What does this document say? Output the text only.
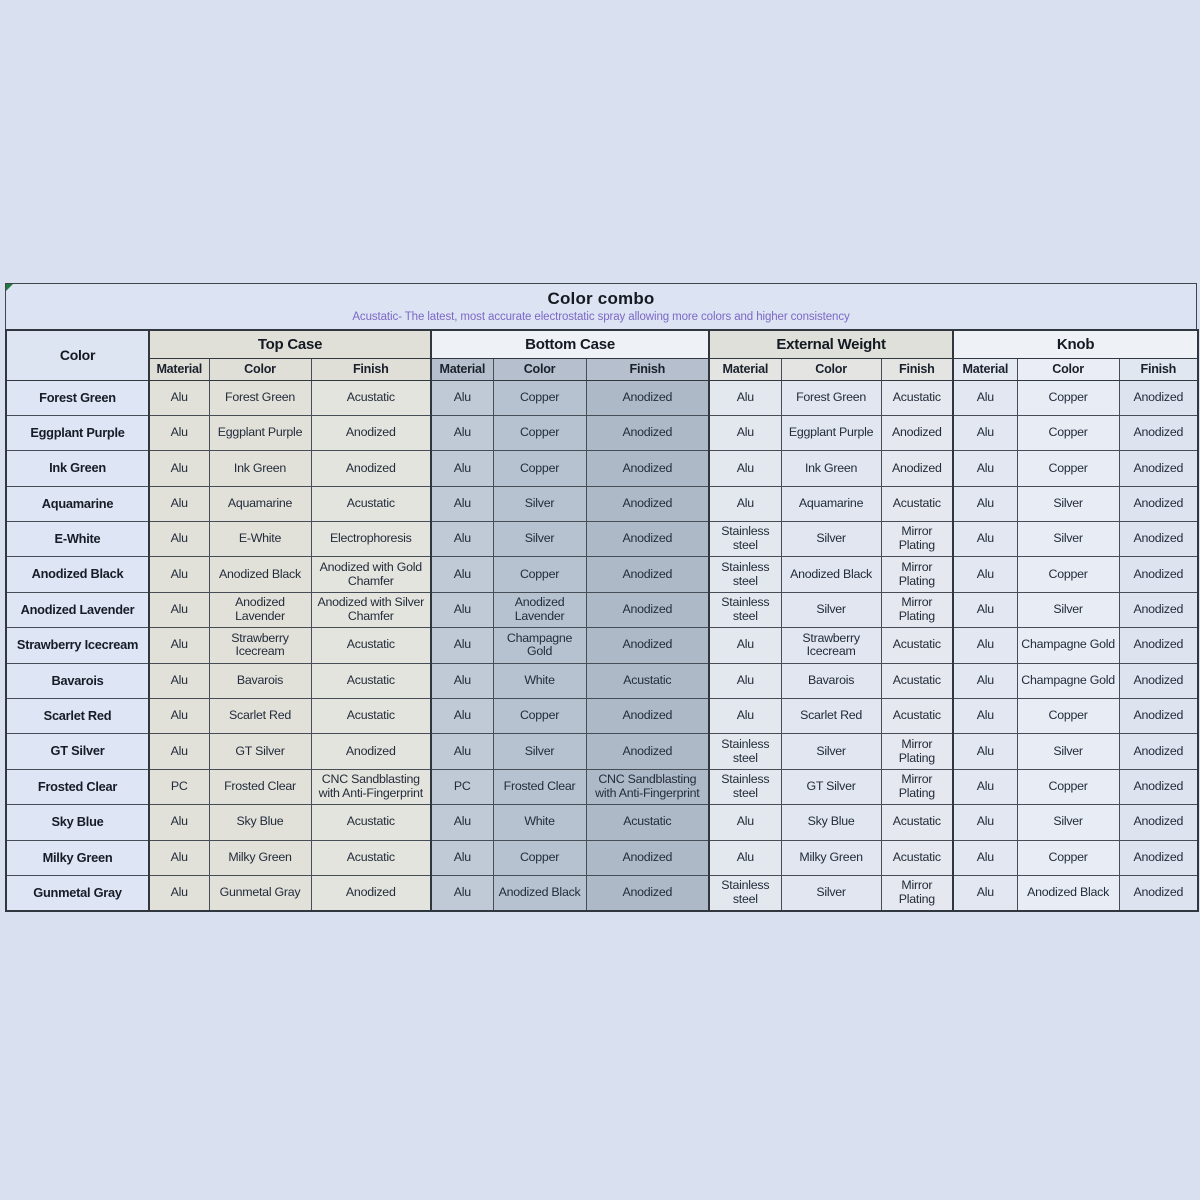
Color combo
Acustatic- The latest, most accurate electrostatic spray allowing more colors and higher consistency
Color	Top Case			Bottom Case			External Weight			Knob		
	Material	Color	Finish	Material	Color	Finish	Material	Color	Finish	Material	Color	Finish
Forest Green	Alu	Forest Green	Acustatic	Alu	Copper	Anodized	Alu	Forest Green	Acustatic	Alu	Copper	Anodized
Eggplant Purple	Alu	Eggplant Purple	Anodized	Alu	Copper	Anodized	Alu	Eggplant Purple	Anodized	Alu	Copper	Anodized
Ink Green	Alu	Ink Green	Anodized	Alu	Copper	Anodized	Alu	Ink Green	Anodized	Alu	Copper	Anodized
Aquamarine	Alu	Aquamarine	Acustatic	Alu	Silver	Anodized	Alu	Aquamarine	Acustatic	Alu	Silver	Anodized
E-White	Alu	E-White	Electrophoresis	Alu	Silver	Anodized	Stainless steel	Silver	Mirror Plating	Alu	Silver	Anodized
Anodized Black	Alu	Anodized Black	Anodized with Gold Chamfer	Alu	Copper	Anodized	Stainless steel	Anodized Black	Mirror Plating	Alu	Copper	Anodized
Anodized Lavender	Alu	Anodized Lavender	Anodized with Silver Chamfer	Alu	Anodized Lavender	Anodized	Stainless steel	Silver	Mirror Plating	Alu	Silver	Anodized
Strawberry Icecream	Alu	Strawberry Icecream	Acustatic	Alu	Champagne Gold	Anodized	Alu	Strawberry Icecream	Acustatic	Alu	Champagne Gold	Anodized
Bavarois	Alu	Bavarois	Acustatic	Alu	White	Acustatic	Alu	Bavarois	Acustatic	Alu	Champagne Gold	Anodized
Scarlet Red	Alu	Scarlet Red	Acustatic	Alu	Copper	Anodized	Alu	Scarlet Red	Acustatic	Alu	Copper	Anodized
GT Silver	Alu	GT Silver	Anodized	Alu	Silver	Anodized	Stainless steel	Silver	Mirror Plating	Alu	Silver	Anodized
Frosted Clear	PC	Frosted Clear	CNC Sandblasting with Anti-Fingerprint	PC	Frosted Clear	CNC Sandblasting with Anti-Fingerprint	Stainless steel	GT Silver	Mirror Plating	Alu	Copper	Anodized
Sky Blue	Alu	Sky Blue	Acustatic	Alu	White	Acustatic	Alu	Sky Blue	Acustatic	Alu	Silver	Anodized
Milky Green	Alu	Milky Green	Acustatic	Alu	Copper	Anodized	Alu	Milky Green	Acustatic	Alu	Copper	Anodized
Gunmetal Gray	Alu	Gunmetal Gray	Anodized	Alu	Anodized Black	Anodized	Stainless steel	Silver	Mirror Plating	Alu	Anodized Black	Anodized
